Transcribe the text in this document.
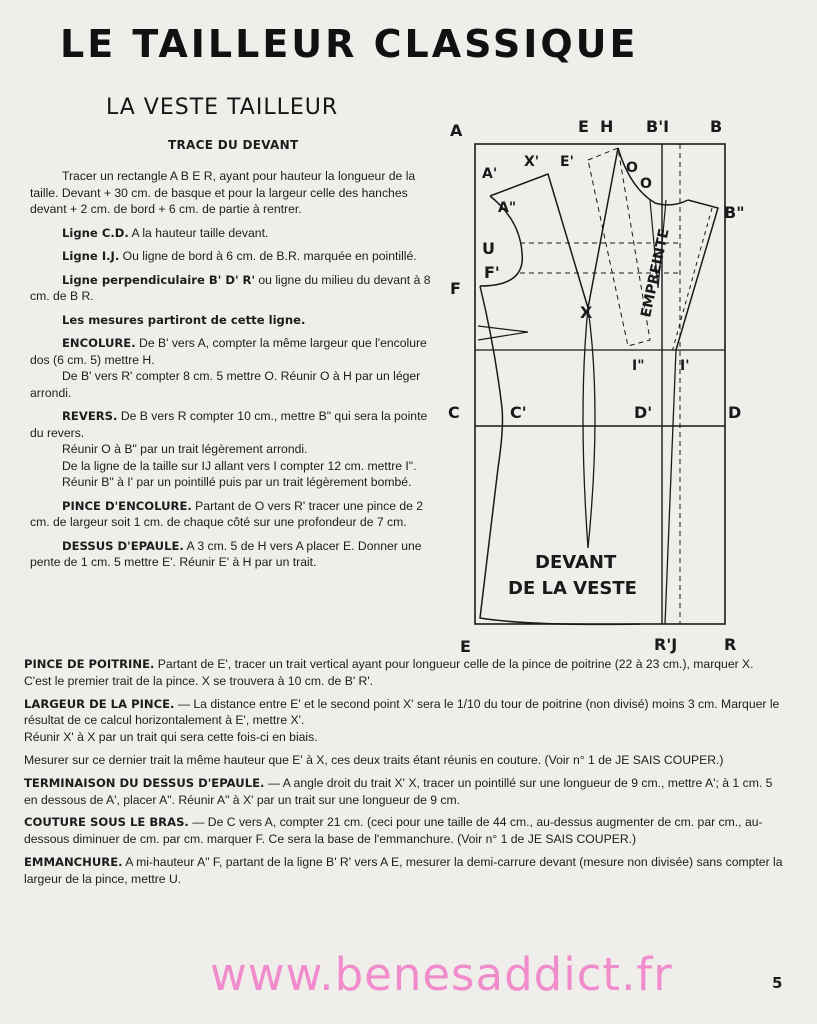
LE TAILLEUR CLASSIQUE
LA VESTE TAILLEUR
TRACE DU DEVANT

Tracer un rectangle A B E R, ayant pour hauteur la longueur de la taille. Devant + 30 cm. de basque et pour la largeur celle des hanches devant + 2 cm. de bord + 6 cm. de partie à rentrer.

Ligne C.D. A la hauteur taille devant.

Ligne I.J. Ou ligne de bord à 6 cm. de B.R. marquée en pointillé.

Ligne perpendiculaire B' D' R' ou ligne du milieu du devant à 8 cm. de B R.

Les mesures partiront de cette ligne.

ENCOLURE. De B' vers A, compter la même largeur que l'encolure dos (6 cm. 5) mettre H.

De B' vers R' compter 8 cm. 5 mettre O. Réunir O à H par un léger arrondi.

REVERS. De B vers R compter 10 cm., mettre B" qui sera la pointe du revers.

Réunir O à B" par un trait légèrement arrondi.

De la ligne de la taille sur IJ allant vers I compter 12 cm. mettre I".

Réunir B" à I' par un pointillé puis par un trait légèrement bombé.

PINCE D'ENCOLURE. Partant de O vers R' tracer une pince de 2 cm. de largeur soit 1 cm. de chaque côté sur une profondeur de 7 cm.

DESSUS D'EPAULE. A 3 cm. 5 de H vers A placer E. Donner une pente de 1 cm. 5 mettre E'. Réunir E' à H par un trait.

PINCE DE POITRINE. Partant de E', tracer un trait vertical ayant pour longueur celle de la pince de poitrine (22 à 23 cm.), marquer X. C'est le premier trait de la pince. X se trouvera à 10 cm. de B' R'.

LARGEUR DE LA PINCE. — La distance entre E' et le second point X' sera le 1/10 du tour de poitrine (non divisé) moins 3 cm. Marquer le résultat de ce calcul horizontalement à E', mettre X'.

Réunir X' à X par un trait qui sera cette fois-ci en biais.

Mesurer sur ce dernier trait la même hauteur que E' à X, ces deux traits étant réunis en couture. (Voir n° 1 de JE SAIS COUPER.)

TERMINAISON DU DESSUS D'EPAULE. — A angle droit du trait X' X, tracer un pointillé sur une longueur de 9 cm., mettre A'; à 1 cm. 5 en dessous de A', placer A". Réunir A" à X' par un trait sur une longueur de 9 cm.

COUTURE SOUS LE BRAS. — De C vers A, compter 21 cm. (ceci pour une taille de 44 cm., au-dessus augmenter de cm. par cm., au-dessous diminuer de cm. par cm. marquer F. Ce sera la base de l'emmanchure. (Voir n° 1 de JE SAIS COUPER.)

EMMANCHURE. A mi-hauteur A" F, partant de la ligne B' R' vers A E, mesurer la demi-carrure devant (mesure non divisée) sans compter la largeur de la pince, mettre U.

A	E H B'I	B
A'
X' E'	O
O
A"	B"
U
F'
F	EMPREINTE
X
I"	I'
C	C'	D'	D
DEVANT
DE LA VESTE
E	R'J	R
www.benesaddict.fr	5
